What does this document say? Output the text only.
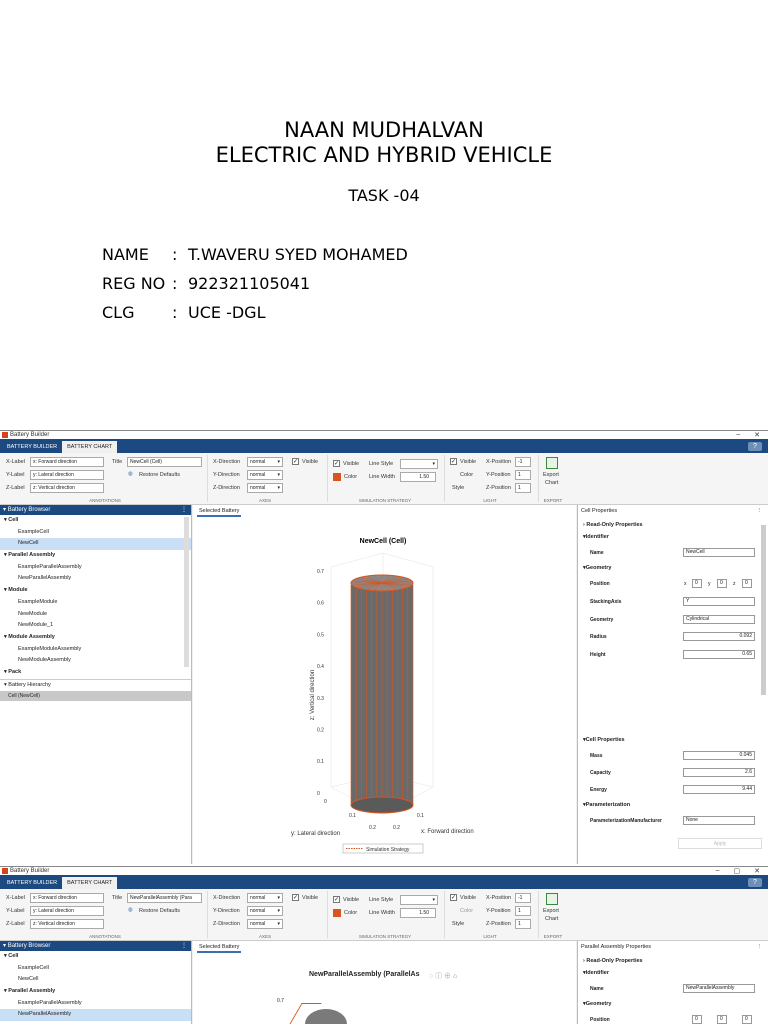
NAAN MUDHALVAN
ELECTRIC AND HYBRID VEHICLE
TASK -04
NAME	: T.WAVERU SYED MOHAMED
REG NO : 922321105041
CLG	: UCE -DGL
Battery Builder	– ✕
BATTERY BUILDER	BATTERY CHART	?
X-Label	x: Forward direction
Y-Label	y: Lateral direction
Z-Label	z: Vertical direction
Title	NewCell (Cell)
◍ Restore Defaults
ANNOTATIONS
X-Direction	normal ▾
Y-Direction	normal ▾
Z-Direction	normal ▾
✓ Visible
AXES
✓ Visible Line Style
▾
Color Line Width	1.50
SIMULATION STRATEGY
✓ Visible
Color
Style
X-Position	-1
Y-Position	1
Z-Position	1
LIGHT
Export
Chart
EXPORT
▾ Battery Browser	⋮
▾ Cell
ExampleCell
NewCell
▾ Parallel Assembly
ExampleParallelAssembly
NewParallelAssembly
▾ Module
ExampleModule
NewModule
NewModule_1
▾ Module Assembly
ExampleModuleAssembly
NewModuleAssembly
▾ Pack
▾ Battery Hierarchy
Cell (NewCell)
Selected Battery
NewCell (Cell)
0.7
0.6
0.5
0.4
0.3
0.2
0.1
0
z: Vertical direction
0
0.1
0.2
0.1
0.2
y: Lateral direction	x: Forward direction
Simulation Strategy
Cell Properties	⋮
› Read-Only Properties
▾Identifier
Name	NewCell
▾Geometry
Position	x	0	y	0	z	0
StackingAxis	Y
Geometry	Cylindrical
Radius	0.092
Height	0.65
▾Cell Properties
Mass	0.045
Capacity	2.6
Energy	9.44
▾Parameterization
ParameterizationManufacturer	None
Apply
Battery Builder	– ▢ ✕
BATTERY BUILDER	BATTERY CHART	?
X-Label	x: Forward direction
Y-Label	y: Lateral direction
Z-Label	z: Vertical direction
Title	NewParallelAssembly (Para
◍ Restore Defaults
ANNOTATIONS
X-Direction	normal ▾
Y-Direction	normal ▾
Z-Direction	normal ▾
✓ Visible
AXES
✓ Visible Line Style
▾
Color Line Width	1.50
SIMULATION STRATEGY
✓ Visible
Color
Style
X-Position	-1
Y-Position	1
Z-Position	1
LIGHT
Export
Chart
EXPORT
▾ Battery Browser	⋮
▾ Cell
ExampleCell
NewCell
▾ Parallel Assembly
ExampleParallelAssembly
NewParallelAssembly
Selected Battery
NewParallelAssembly (ParallelAs ◌ ⓘ ⊕ ⌂
0.7
Parallel Assembly Properties	⋮
› Read-Only Properties
▾Identifier
Name	NewParallelAssembly
▾Geometry
Position	0	0	0
